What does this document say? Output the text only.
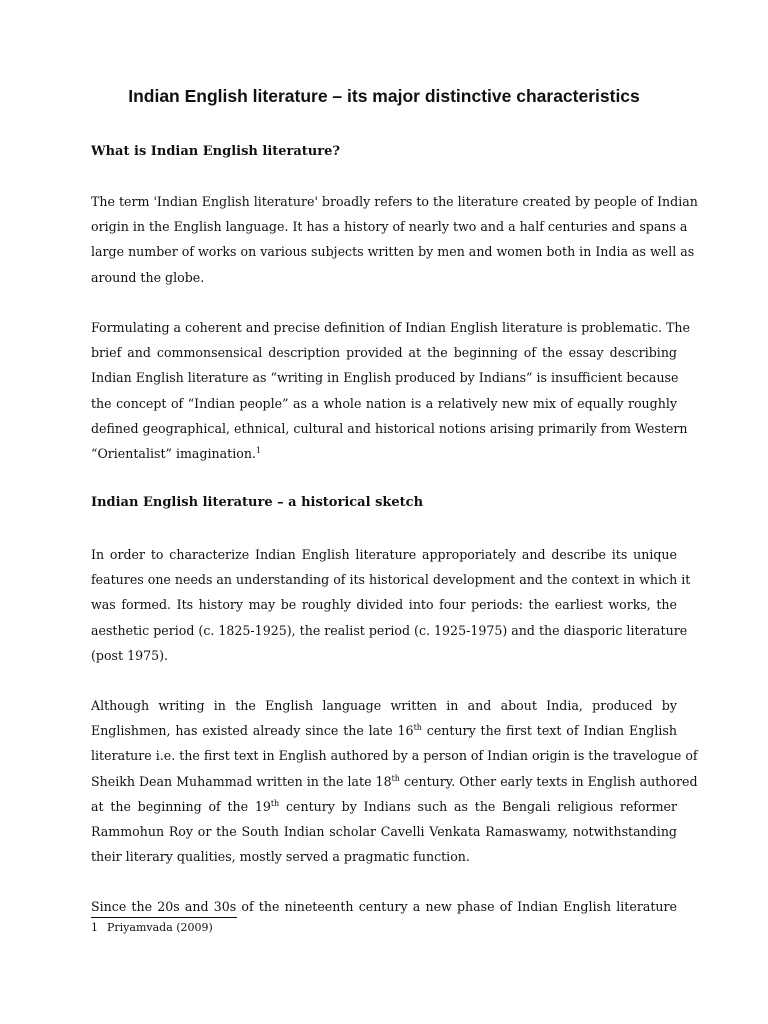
Indian English literature – its major distinctive characteristics
What is Indian English literature?

The term 'Indian English literature' broadly refers to the literature created by people of Indian
origin in the English language. It has a history of nearly two and a half centuries and spans a
large number of works on various subjects written by men and women both in India as well as
around the globe.

Formulating a coherent and precise definition of Indian English literature is problematic. The
brief and commonsensical description provided at the beginning of the essay describing
Indian English literature as “writing in English produced by Indians” is insufficient because
the concept of “Indian people” as a whole nation is a relatively new mix of equally roughly
defined geographical, ethnical, cultural and historical notions arising primarily from Western
“Orientalist” imagination.$^1$

Indian English literature – a historical sketch

In order to characterize Indian English literature approporiately and describe its unique
features one needs an understanding of its historical development and the context in which it
was formed. Its history may be roughly divided into four periods: the earliest works, the
aesthetic period (c. 1825-1925), the realist period (c. 1925-1975) and the diasporic literature
(post 1975).

Although writing in the English language written in and about India, produced by
Englishmen, has existed already since the late 16th century the first text of Indian English
literature i.e. the first text in English authored by a person of Indian origin is the travelogue of
Sheikh Dean Muhammad written in the late 18th century. Other early texts in English authored
at the beginning of the 19th century by Indians such as the Bengali religious reformer
Rammohun Roy or the South Indian scholar Cavelli Venkata Ramaswamy, notwithstanding
their literary qualities, mostly served a pragmatic function.

Since the 20s and 30s of the nineteenth century a new phase of Indian English literature

1 Priyamvada (2009)
